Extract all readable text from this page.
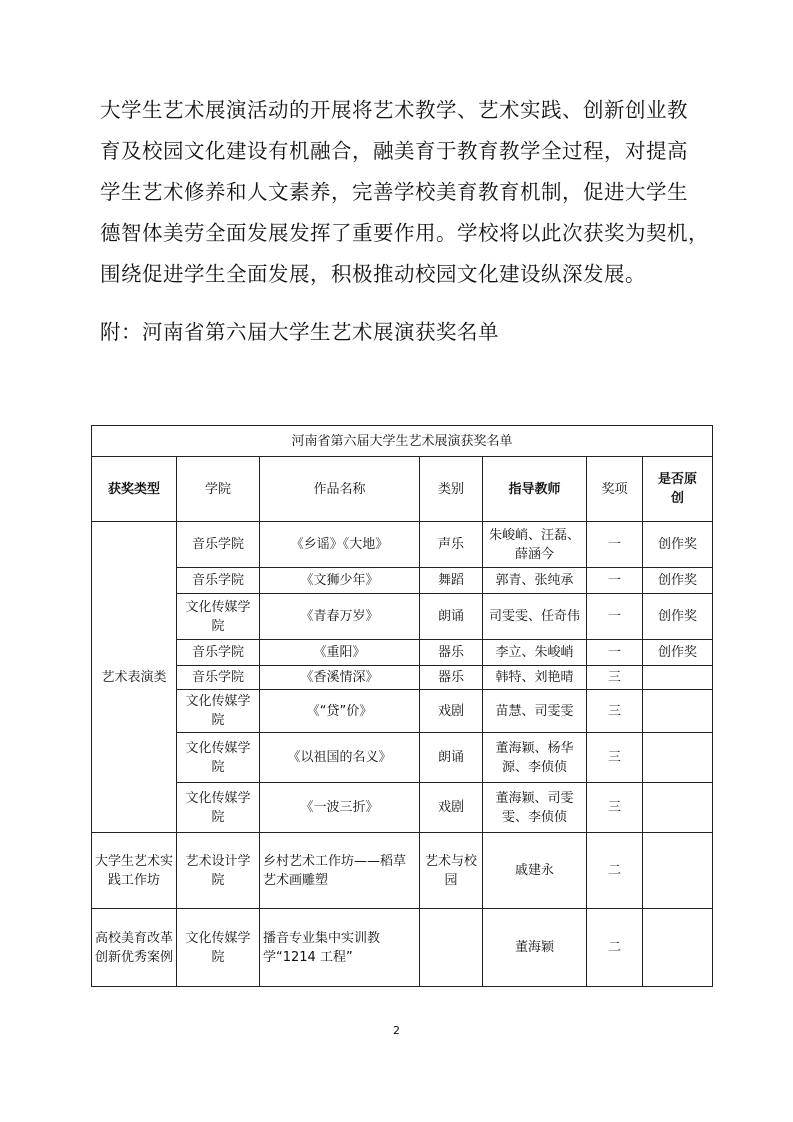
大学生艺术展演活动的开展将艺术教学、艺术实践、创新创业教

育及校园文化建设有机融合，融美育于教育教学全过程，对提高

学生艺术修养和人文素养，完善学校美育教育机制，促进大学生

德智体美劳全面发展发挥了重要作用。学校将以此次获奖为契机，

围绕促进学生全面发展，积极推动校园文化建设纵深发展。

附：河南省第六届大学生艺术展演获奖名单

河南省第六届大学生艺术展演获奖名单						
获奖类型	学院	作品名称	类别	指导教师	奖项	是否原创
艺术表演类	音乐学院	《乡谣》《大地》	声乐	朱峻峭、汪磊、薛涵今	一	创作奖
	音乐学院	《文狮少年》	舞蹈	郭青、张纯承	一	创作奖
	文化传媒学院	《青春万岁》	朗诵	司雯雯、任奇伟	一	创作奖
	音乐学院	《重阳》	器乐	李立、朱峻峭	一	创作奖
	音乐学院	《香溪情深》	器乐	韩特、刘艳晴	三	
	文化传媒学院	《“贷”价》	戏剧	苗慧、司雯雯	三	
	文化传媒学院	《以祖国的名义》	朗诵	董海颖、杨华源、李侦侦	三	
	文化传媒学院	《一波三折》	戏剧	董海颖、司雯雯、李侦侦	三	
大学生艺术实践工作坊	艺术设计学院	乡村艺术工作坊——稻草艺术画雕塑	艺术与校园	戚建永	二	
高校美育改革创新优秀案例	文化传媒学院	播音专业集中实训教学“1214 工程”		董海颖	二	
2
